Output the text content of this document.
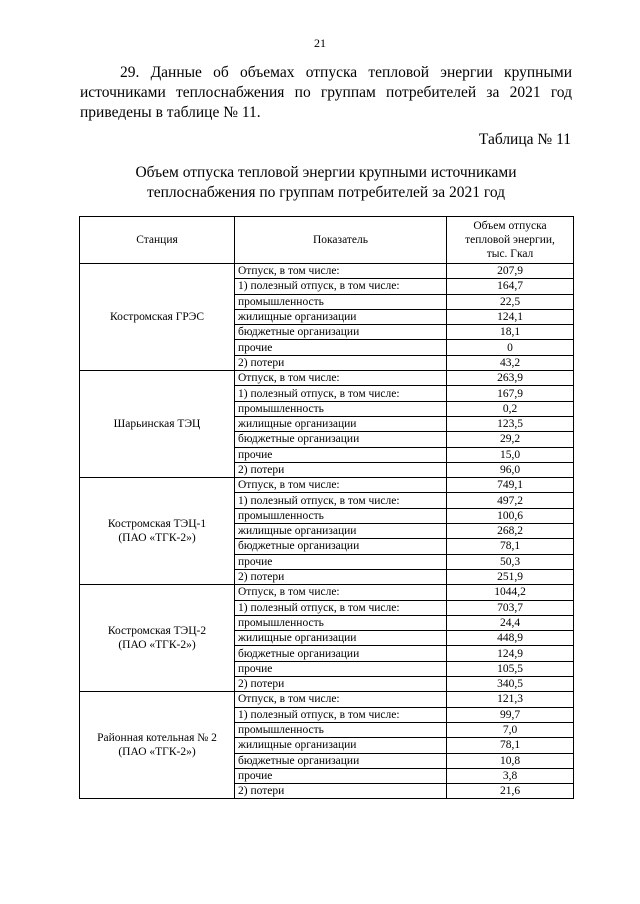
21

29. Данные об объемах отпуска тепловой энергии крупными источниками теплоснабжения по группам потребителей за 2021 год приведены в таблице № 11.

Таблица № 11
Объем отпуска тепловой энергии крупными источниками
теплоснабжения по группам потребителей за 2021 год
Станция	Показатель	Объем отпуска
тепловой энергии,
тыс. Гкал

Костромская ГРЭС	Отпуск, в том числе:	207,9
	1) полезный отпуск, в том числе:	164,7
	промышленность	22,5
	жилищные организации	124,1
	бюджетные организации	18,1
	прочие	0
	2) потери	43,2

Шарьинская ТЭЦ	Отпуск, в том числе:	263,9
	1) полезный отпуск, в том числе:	167,9
	промышленность	0,2
	жилищные организации	123,5
	бюджетные организации	29,2
	прочие	15,0
	2) потери	96,0

Костромская ТЭЦ-1
(ПАО «ТГК-2»)	Отпуск, в том числе:	749,1
	1) полезный отпуск, в том числе:	497,2
	промышленность	100,6
	жилищные организации	268,2
	бюджетные организации	78,1
	прочие	50,3
	2) потери	251,9

Костромская ТЭЦ-2
(ПАО «ТГК-2»)	Отпуск, в том числе:	1044,2
	1) полезный отпуск, в том числе:	703,7
	промышленность	24,4
	жилищные организации	448,9
	бюджетные организации	124,9
	прочие	105,5
	2) потери	340,5

Районная котельная № 2
(ПАО «ТГК-2»)	Отпуск, в том числе:	121,3
	1) полезный отпуск, в том числе:	99,7
	промышленность	7,0
	жилищные организации	78,1
	бюджетные организации	10,8
	прочие	3,8
	2) потери	21,6
